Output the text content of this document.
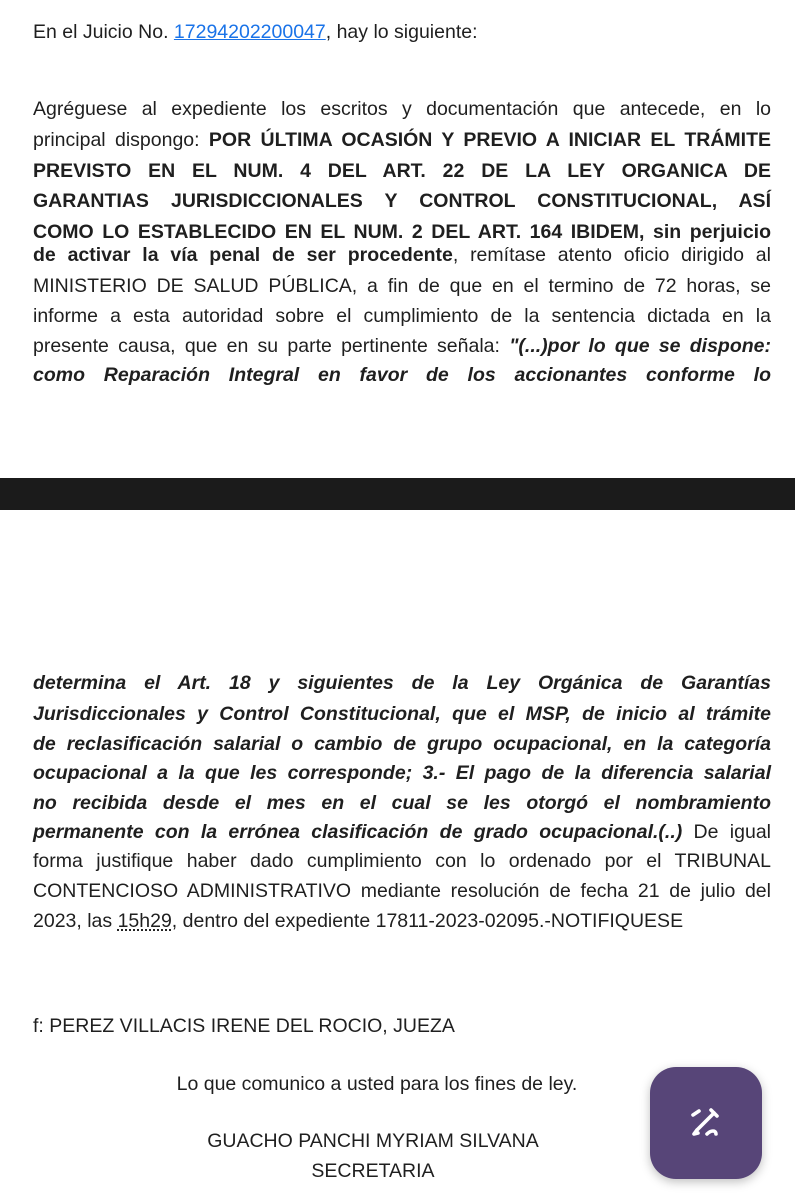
En el Juicio No. 17294202200047, hay lo siguiente:
Agréguese al expediente los escritos y documentación que antecede, en lo
principal dispongo: POR ÚLTIMA OCASIÓN Y PREVIO A INICIAR EL TRÁMITE
PREVISTO EN EL NUM. 4 DEL ART. 22 DE LA LEY ORGANICA DE
GARANTIAS JURISDICCIONALES Y CONTROL CONSTITUCIONAL, ASÍ
COMO LO ESTABLECIDO EN EL NUM. 2 DEL ART. 164 IBIDEM, sin perjuicio
de activar la vía penal de ser procedente, remítase atento oficio dirigido al
MINISTERIO DE SALUD PÚBLICA, a fin de que en el termino de 72 horas, se
informe a esta autoridad sobre el cumplimiento de la sentencia dictada en la
presente causa, que en su parte pertinente señala: "(...)por lo que se dispone:
como Reparación Integral en favor de los accionantes conforme lo
determina el Art. 18 y siguientes de la Ley Orgánica de Garantías
Jurisdiccionales y Control Constitucional, que el MSP, de inicio al trámite
de reclasificación salarial o cambio de grupo ocupacional, en la categoría
ocupacional a la que les corresponde; 3.- El pago de la diferencia salarial
no recibida desde el mes en el cual se les otorgó el nombramiento
permanente con la errónea clasificación de grado ocupacional.(..) De igual
forma justifique haber dado cumplimiento con lo ordenado por el TRIBUNAL
CONTENCIOSO ADMINISTRATIVO mediante resolución de fecha 21 de julio del
2023, las 15h29, dentro del expediente 17811-2023-02095.-NOTIFIQUESE
f: PEREZ VILLACIS IRENE DEL ROCIO, JUEZA
Lo que comunico a usted para los fines de ley.
GUACHO PANCHI MYRIAM SILVANA
SECRETARIA
